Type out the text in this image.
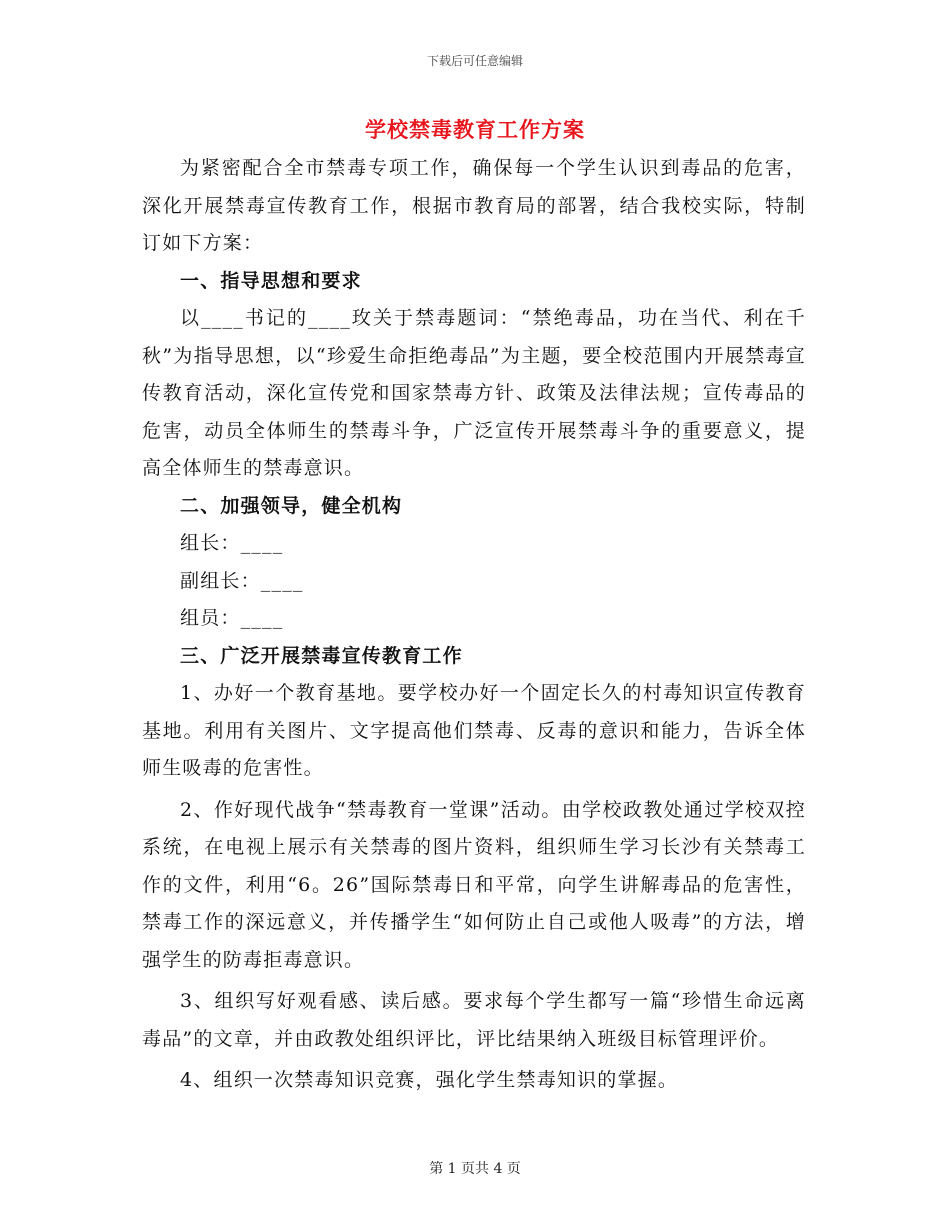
下载后可任意编辑
学校禁毒教育工作方案

为紧密配合全市禁毒专项工作，确保每一个学生认识到毒品的危害，深化开展禁毒宣传教育工作，根据市教育局的部署，结合我校实际，特制订如下方案：

一、指导思想和要求

以____书记的____玫关于禁毒题词：“禁绝毒品，功在当代、利在千秋”为指导思想，以“珍爱生命拒绝毒品”为主题，要全校范围内开展禁毒宣传教育活动，深化宣传党和国家禁毒方针、政策及法律法规；宣传毒品的危害，动员全体师生的禁毒斗争，广泛宣传开展禁毒斗争的重要意义，提高全体师生的禁毒意识。

二、加强领导，健全机构

组长：____

副组长：____

组员：____

三、广泛开展禁毒宣传教育工作

1、办好一个教育基地。要学校办好一个固定长久的村毒知识宣传教育基地。利用有关图片、文字提高他们禁毒、反毒的意识和能力，告诉全体师生吸毒的危害性。

2、作好现代战争“禁毒教育一堂课”活动。由学校政教处通过学校双控系统，在电视上展示有关禁毒的图片资料，组织师生学习长沙有关禁毒工作的文件，利用“6。26”国际禁毒日和平常，向学生讲解毒品的危害性，禁毒工作的深远意义，并传播学生“如何防止自己或他人吸毒”的方法，增强学生的防毒拒毒意识。

3、组织写好观看感、读后感。要求每个学生都写一篇“珍惜生命远离毒品”的文章，并由政教处组织评比，评比结果纳入班级目标管理评价。

4、组织一次禁毒知识竞赛，强化学生禁毒知识的掌握。

第 1 页共 4 页
